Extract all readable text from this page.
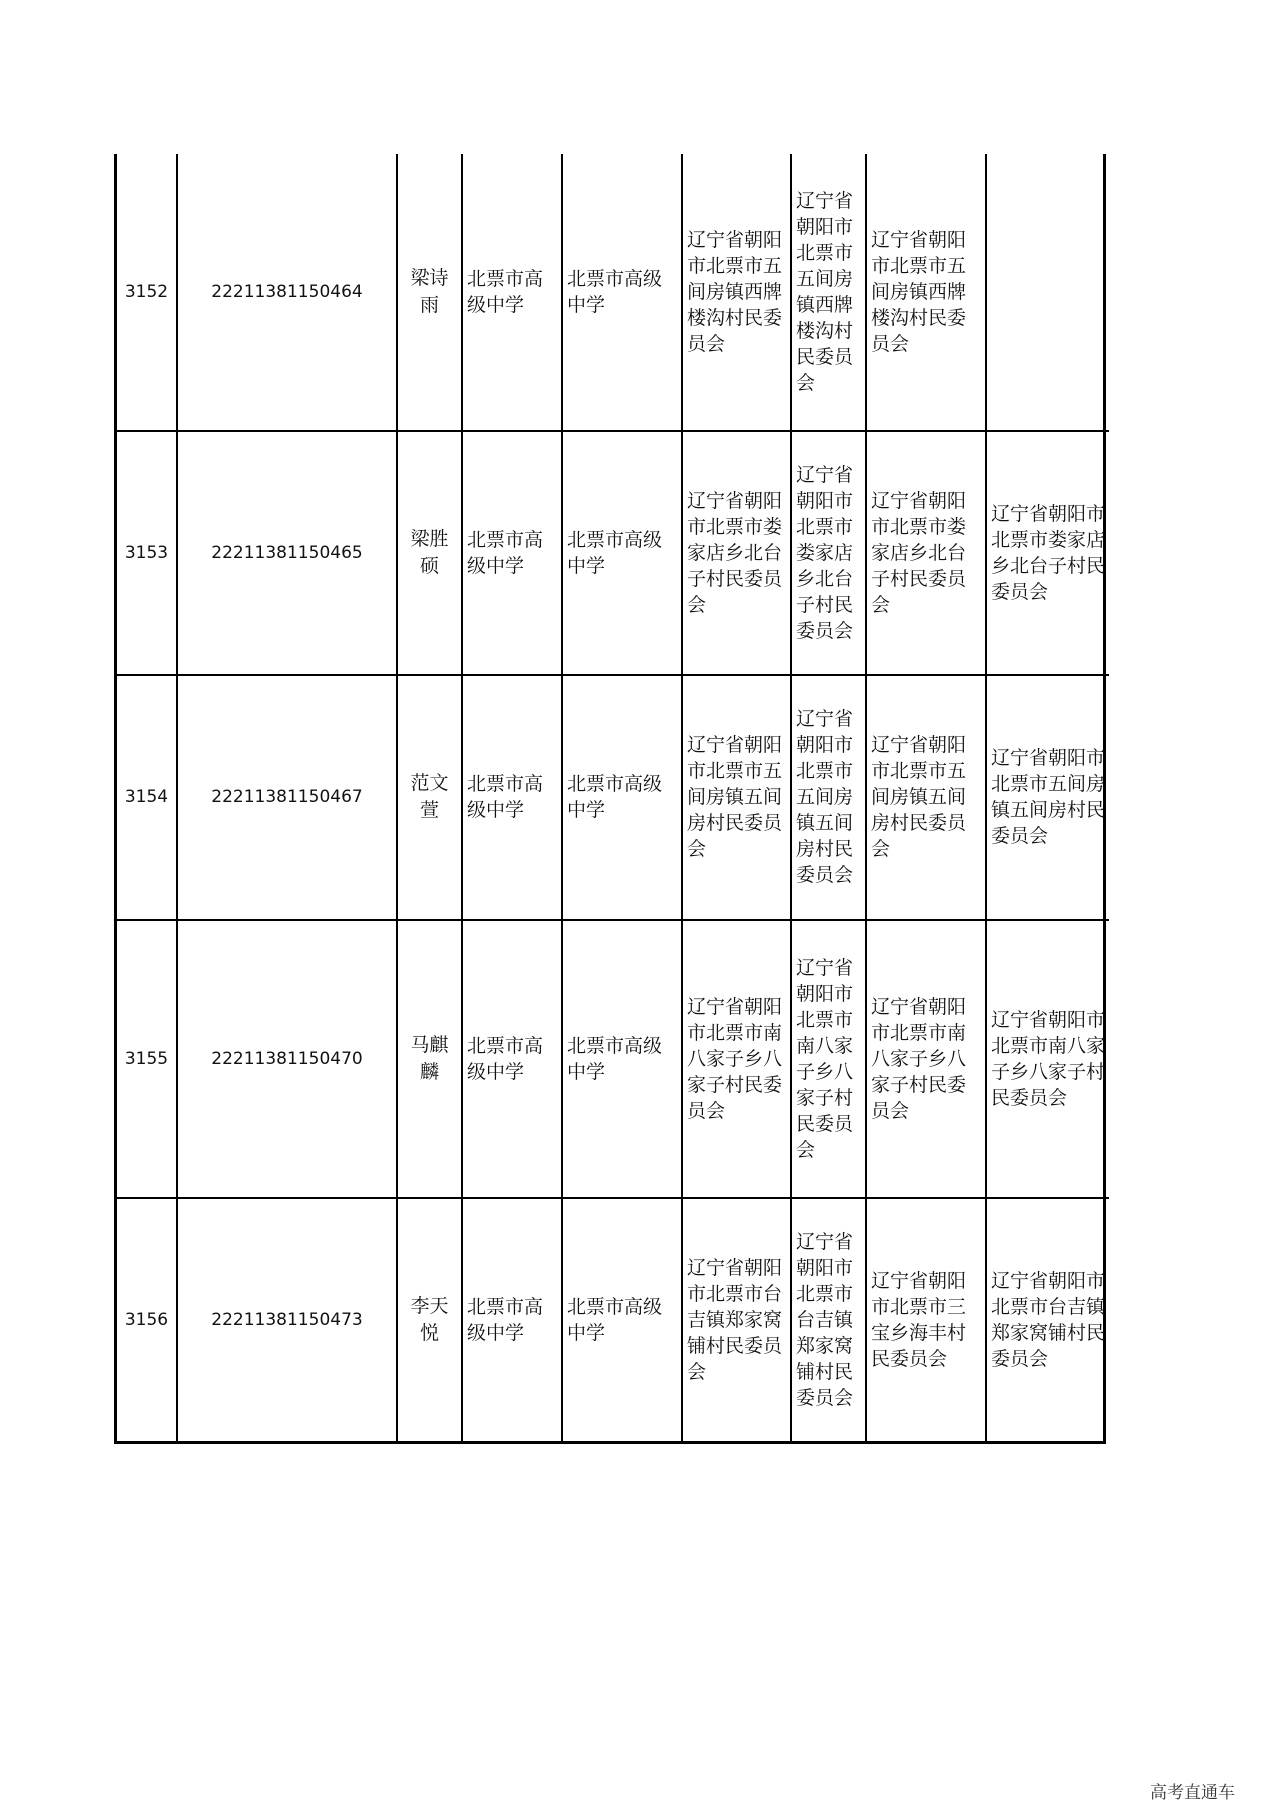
3152	22211381150464	梁诗雨	北票市高级中学	北票市高级中学	辽宁省朝阳市北票市五间房镇西牌楼沟村民委员会	辽宁省朝阳市北票市五间房镇西牌楼沟村民委员会	辽宁省朝阳市北票市五间房镇西牌楼沟村民委员会	
3153	22211381150465	梁胜硕	北票市高级中学	北票市高级中学	辽宁省朝阳市北票市娄家店乡北台子村民委员会	辽宁省朝阳市北票市娄家店乡北台子村民委员会	辽宁省朝阳市北票市娄家店乡北台子村民委员会	辽宁省朝阳市北票市娄家店乡北台子村民委员会
3154	22211381150467	范文萱	北票市高级中学	北票市高级中学	辽宁省朝阳市北票市五间房镇五间房村民委员会	辽宁省朝阳市北票市五间房镇五间房村民委员会	辽宁省朝阳市北票市五间房镇五间房村民委员会	辽宁省朝阳市北票市五间房镇五间房村民委员会
3155	22211381150470	马麒麟	北票市高级中学	北票市高级中学	辽宁省朝阳市北票市南八家子乡八家子村民委员会	辽宁省朝阳市北票市南八家子乡八家子村民委员会	辽宁省朝阳市北票市南八家子乡八家子村民委员会	辽宁省朝阳市北票市南八家子乡八家子村民委员会
3156	22211381150473	李天悦	北票市高级中学	北票市高级中学	辽宁省朝阳市北票市台吉镇郑家窝铺村民委员会	辽宁省朝阳市北票市台吉镇郑家窝铺村民委员会	辽宁省朝阳市北票市三宝乡海丰村民委员会	辽宁省朝阳市北票市台吉镇郑家窝铺村民委员会
高考直通车
